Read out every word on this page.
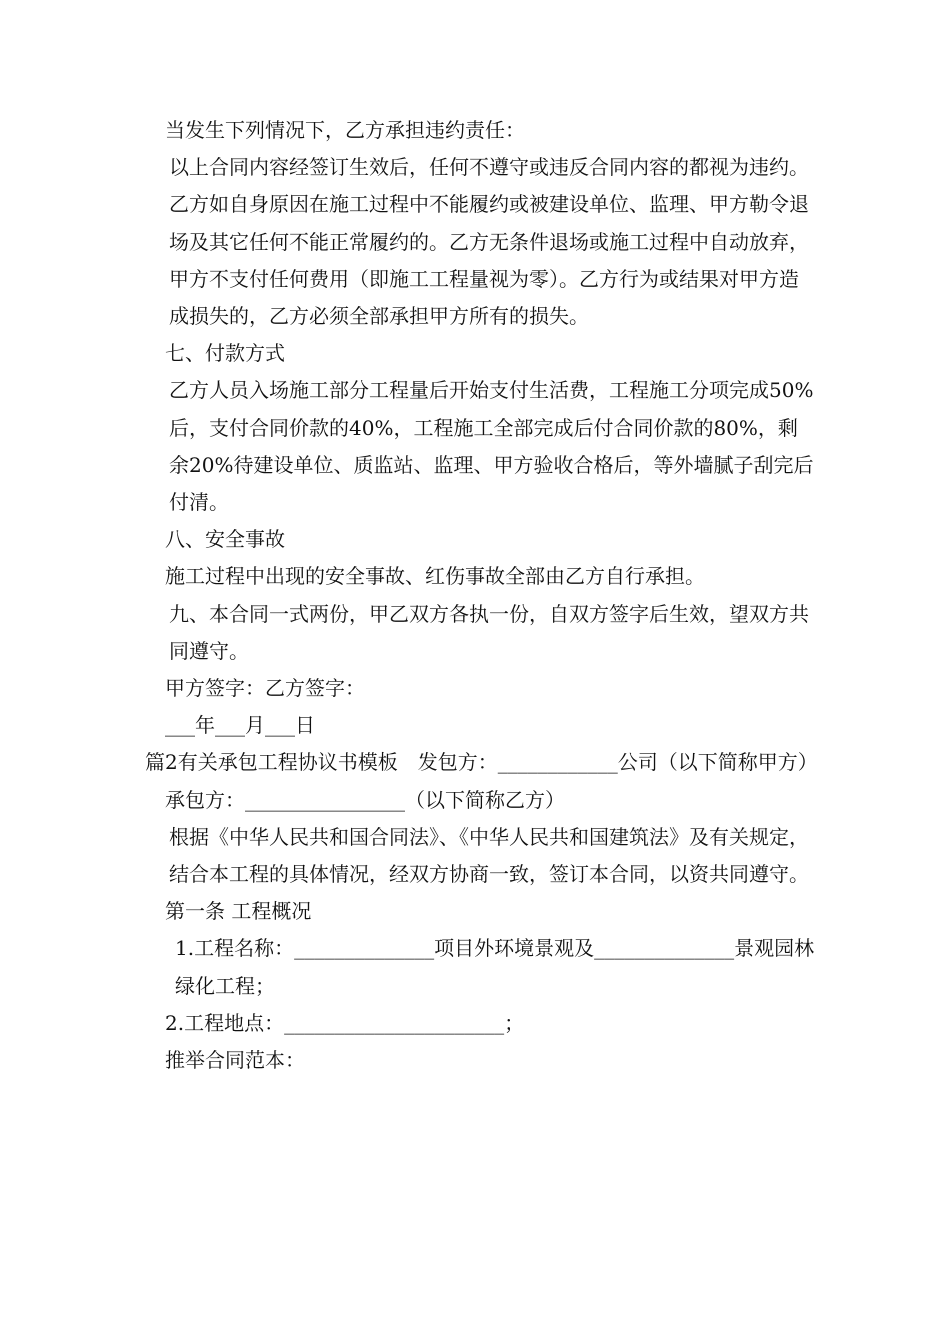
当发生下列情况下，乙方承担违约责任：

以上合同内容经签订生效后，任何不遵守或违反合同内容的都视为违约。乙方如自身原因在施工过程中不能履约或被建设单位、监理、甲方勒令退场及其它任何不能正常履约的。乙方无条件退场或施工过程中自动放弃，甲方不支付任何费用（即施工工程量视为零）。乙方行为或结果对甲方造成损失的，乙方必须全部承担甲方所有的损失。

七、付款方式

乙方人员入场施工部分工程量后开始支付生活费，工程施工分项完成50%后，支付合同价款的40%，工程施工全部完成后付合同价款的80%，剩余20%待建设单位、质监站、监理、甲方验收合格后，等外墙腻子刮完后付清。

八、安全事故

施工过程中出现的安全事故、红伤事故全部由乙方自行承担。

九、本合同一式两份，甲乙双方各执一份，自双方签字后生效，望双方共同遵守。

甲方签字：乙方签字：

___年___月___日

篇2有关承包工程协议书模板　发包方：____________公司（以下简称甲方）

承包方：________________（以下简称乙方）

根据《中华人民共和国合同法》、《中华人民共和国建筑法》及有关规定，结合本工程的具体情况，经双方协商一致，签订本合同，以资共同遵守。

第一条 工程概况

1.工程名称：______________项目外环境景观及______________景观园林绿化工程；

2.工程地点：______________________；

推举合同范本：
